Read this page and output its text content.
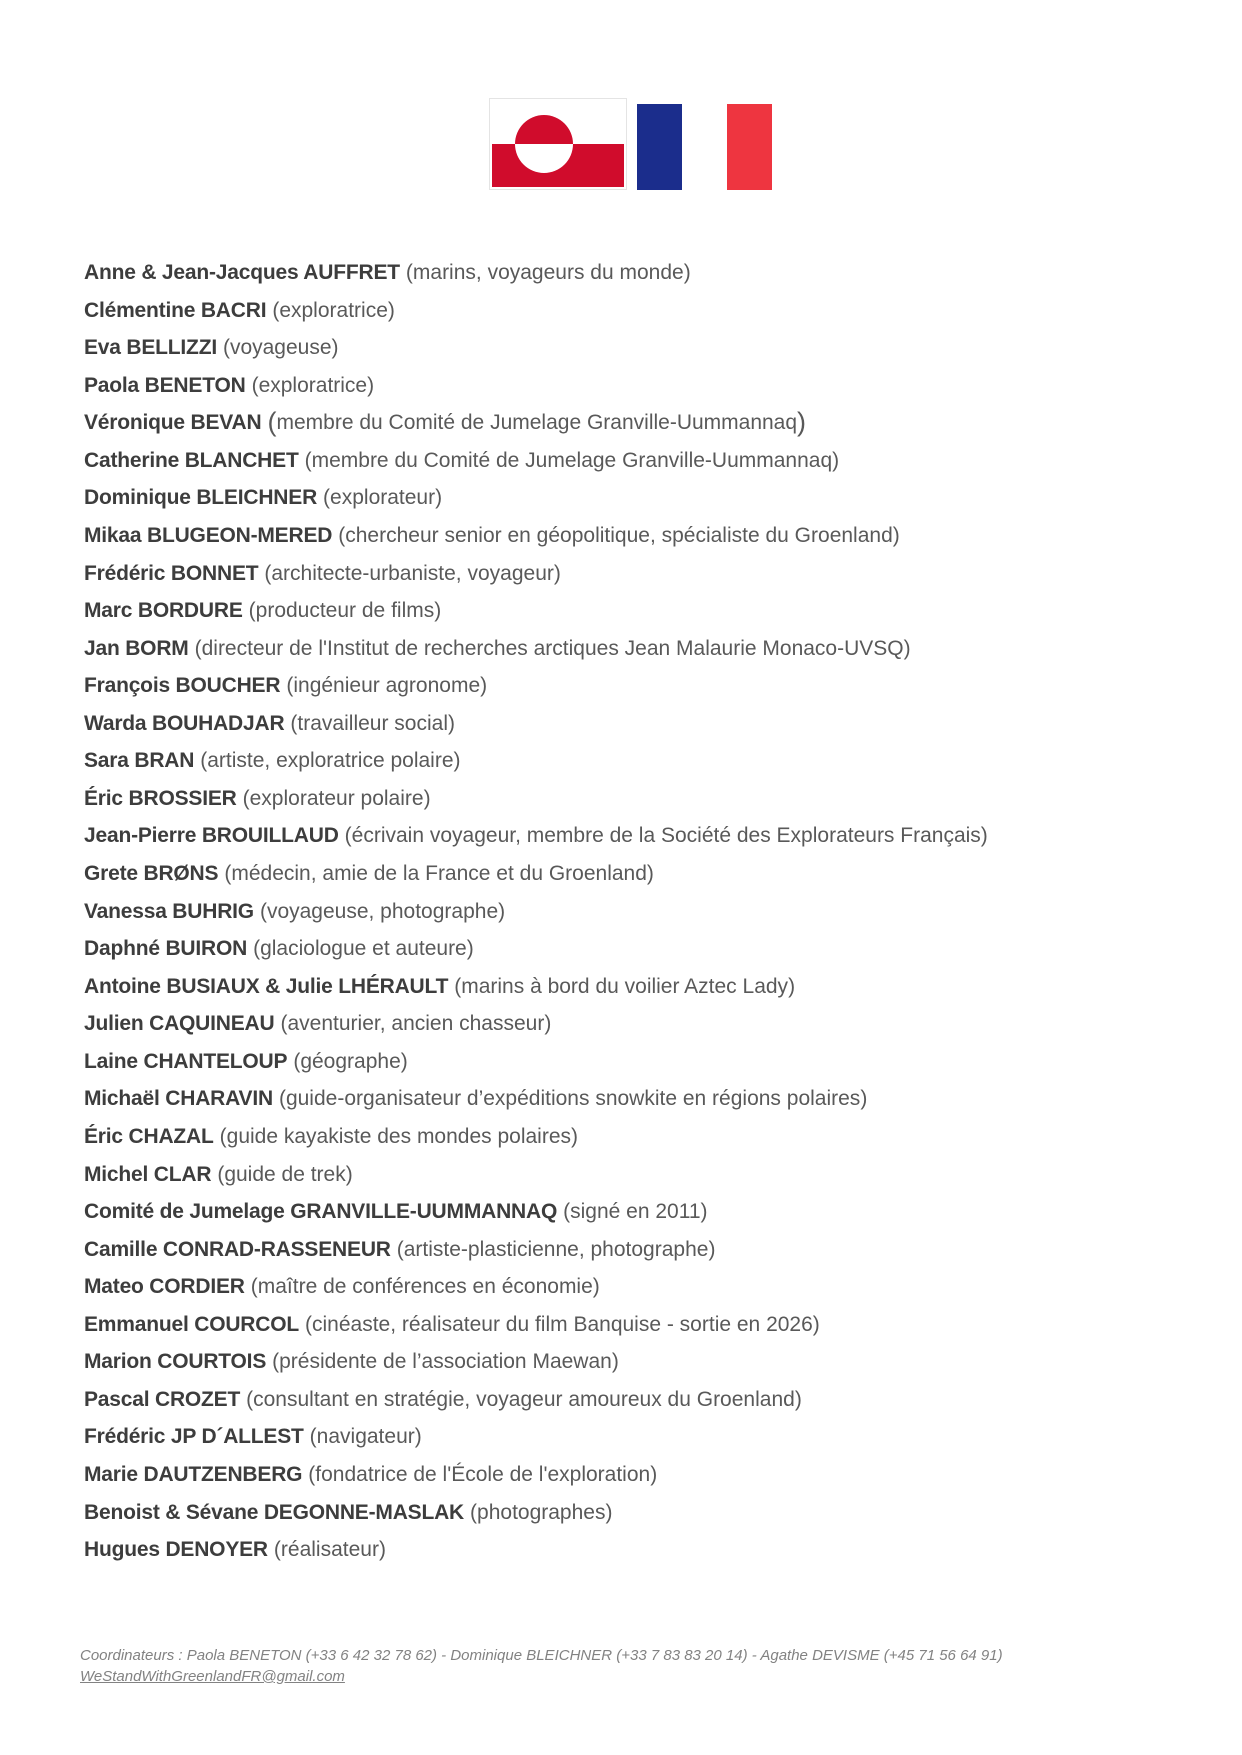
Anne & Jean-Jacques AUFFRET (marins, voyageurs du monde)
Clémentine BACRI (exploratrice)
Eva BELLIZZI (voyageuse)
Paola BENETON (exploratrice)
Véronique BEVAN (membre du Comité de Jumelage Granville-Uummannaq)
Catherine BLANCHET (membre du Comité de Jumelage Granville-Uummannaq)
Dominique BLEICHNER (explorateur)
Mikaa BLUGEON-MERED (chercheur senior en géopolitique, spécialiste du Groenland)
Frédéric BONNET (architecte-urbaniste, voyageur)
Marc BORDURE (producteur de films)
Jan BORM (directeur de l'Institut de recherches arctiques Jean Malaurie Monaco-UVSQ)
François BOUCHER (ingénieur agronome)
Warda BOUHADJAR (travailleur social)
Sara BRAN (artiste, exploratrice polaire)
Éric BROSSIER (explorateur polaire)
Jean-Pierre BROUILLAUD (écrivain voyageur, membre de la Société des Explorateurs Français)
Grete BRØNS (médecin, amie de la France et du Groenland)
Vanessa BUHRIG (voyageuse, photographe)
Daphné BUIRON (glaciologue et auteure)
Antoine BUSIAUX & Julie LHÉRAULT (marins à bord du voilier Aztec Lady)
Julien CAQUINEAU (aventurier, ancien chasseur)
Laine CHANTELOUP (géographe)
Michaël CHARAVIN (guide-organisateur d’expéditions snowkite en régions polaires)
Éric CHAZAL (guide kayakiste des mondes polaires)
Michel CLAR (guide de trek)
Comité de Jumelage GRANVILLE-UUMMANNAQ (signé en 2011)
Camille CONRAD-RASSENEUR (artiste-plasticienne, photographe)
Mateo CORDIER (maître de conférences en économie)
Emmanuel COURCOL (cinéaste, réalisateur du film Banquise - sortie en 2026)
Marion COURTOIS (présidente de l’association Maewan)
Pascal CROZET (consultant en stratégie, voyageur amoureux du Groenland)
Frédéric JP D´ALLEST (navigateur)
Marie DAUTZENBERG (fondatrice de l'École de l'exploration)
Benoist & Sévane DEGONNE-MASLAK (photographes)
Hugues DENOYER (réalisateur)
Coordinateurs : Paola BENETON (+33 6 42 32 78 62) - Dominique BLEICHNER (+33 7 83 83 20 14) - Agathe DEVISME (+45 71 56 64 91)
WeStandWithGreenlandFR@gmail.com
